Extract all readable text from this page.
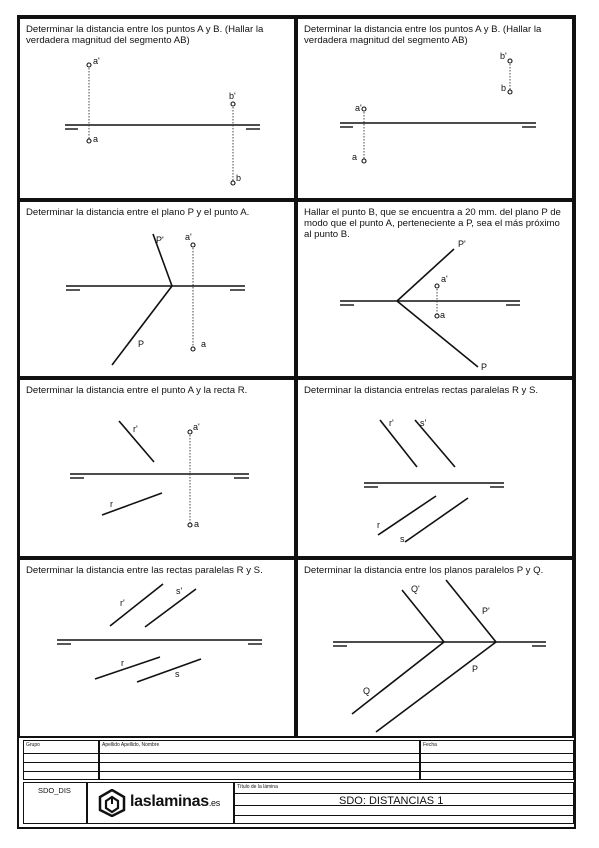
Determinar la distancia entre los puntos A y B. (Hallar la verdadera magnitud del segmento AB)
a'
a
b'
b
Determinar la distancia entre los puntos A y B. (Hallar la verdadera magnitud del segmento AB)
b'
b
a'
a
Determinar la distancia entre el plano P y el punto A.
P' a'
P	a
Hallar el punto B, que se encuentra a 20 mm. del plano P de modo que el punto A, perteneciente a P, sea el más próximo al punto B.
P'
a'
a
P
Determinar la distancia entre el punto A y la recta R.
r'	a'
r
a
Determinar la distancia entrelas rectas paralelas R y S.
r'	s'
r
s
Determinar la distancia entre las rectas paralelas R y S.
r'
s'
r
s
Determinar la distancia entre los planos paralelos P y Q.
Q'
P'
Q
P
Grupo	Apellido Apellido, Nombre	Fecha
SDO_DIS
laslaminas.es
Título de la lámina
SDO: DISTANCIAS 1
